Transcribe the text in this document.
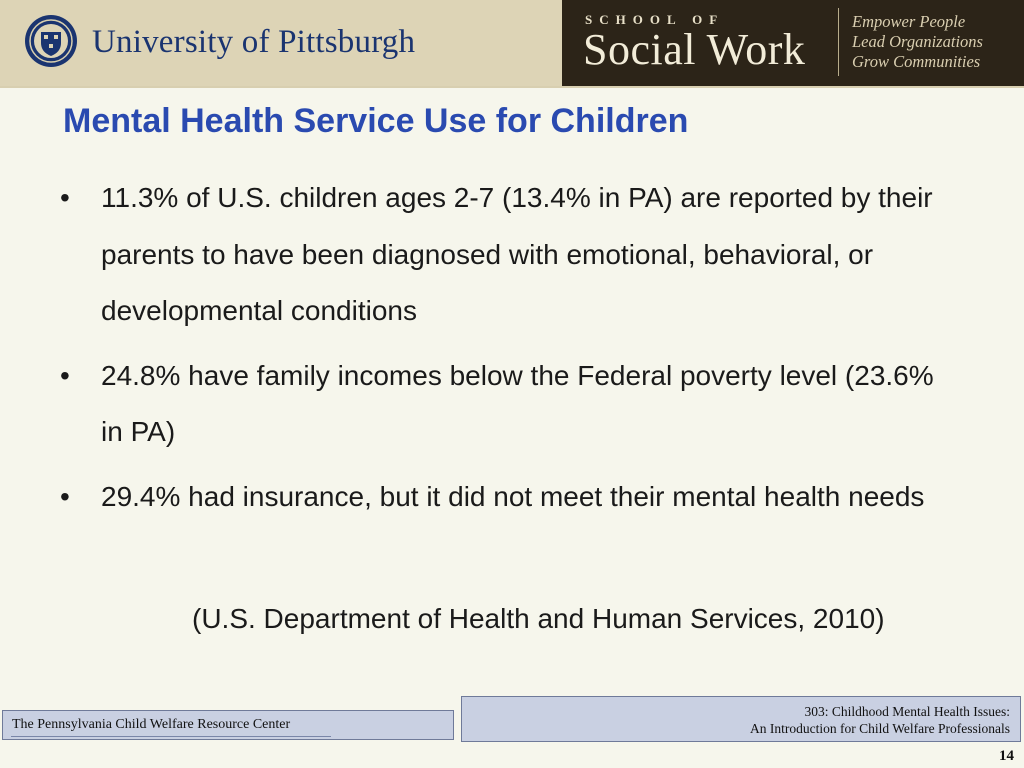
University of Pittsburgh
SCHOOL OF
Social Work
Empower People
Lead Organizations
Grow Communities
Mental Health Service Use for Children
•	11.3% of U.S. children ages 2-7 (13.4% in PA) are reported by their parents to have been diagnosed with emotional, behavioral, or developmental conditions
•	24.8% have family incomes below the Federal poverty level (23.6% in PA)
•	29.4% had insurance, but it did not meet their mental health needs
(U.S. Department of Health and Human Services, 2010)
The Pennsylvania Child Welfare Resource Center
303: Childhood Mental Health Issues:
An Introduction for Child Welfare Professionals
14
